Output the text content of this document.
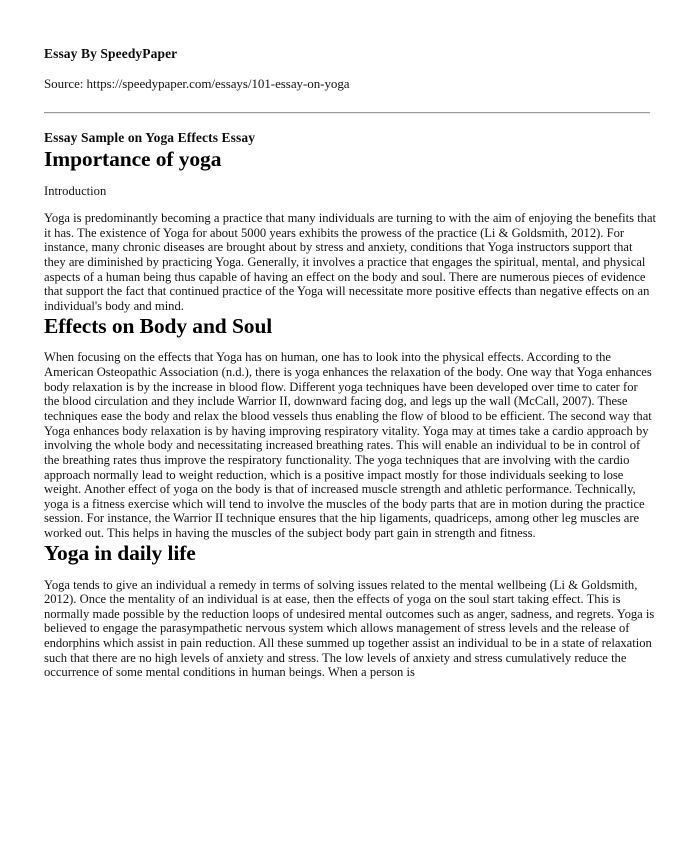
Essay By SpeedyPaper
Source: https://speedypaper.com/essays/101-essay-on-yoga
Essay Sample on Yoga Effects Essay
Importance of yoga
Introduction

Yoga is predominantly becoming a practice that many individuals are turning to with the aim of enjoying the benefits that it has. The existence of Yoga for about 5000 years exhibits the prowess of the practice (Li & Goldsmith, 2012). For instance, many chronic diseases are brought about by stress and anxiety, conditions that Yoga instructors support that they are diminished by practicing Yoga. Generally, it involves a practice that engages the spiritual, mental, and physical aspects of a human being thus capable of having an effect on the body and soul. There are numerous pieces of evidence that support the fact that continued practice of the Yoga will necessitate more positive effects than negative effects on an individual's body and mind.

Effects on Body and Soul

When focusing on the effects that Yoga has on human, one has to look into the physical effects. According to the American Osteopathic Association (n.d.), there is yoga enhances the relaxation of the body. One way that Yoga enhances body relaxation is by the increase in blood flow. Different yoga techniques have been developed over time to cater for the blood circulation and they include Warrior II, downward facing dog, and legs up the wall (McCall, 2007). These techniques ease the body and relax the blood vessels thus enabling the flow of blood to be efficient. The second way that Yoga enhances body relaxation is by having improving respiratory vitality. Yoga may at times take a cardio approach by involving the whole body and necessitating increased breathing rates. This will enable an individual to be in control of the breathing rates thus improve the respiratory functionality. The yoga techniques that are involving with the cardio approach normally lead to weight reduction, which is a positive impact mostly for those individuals seeking to lose weight. Another effect of yoga on the body is that of increased muscle strength and athletic performance. Technically, yoga is a fitness exercise which will tend to involve the muscles of the body parts that are in motion during the practice session. For instance, the Warrior II technique ensures that the hip ligaments, quadriceps, among other leg muscles are worked out. This helps in having the muscles of the subject body part gain in strength and fitness.

Yoga in daily life

Yoga tends to give an individual a remedy in terms of solving issues related to the mental wellbeing (Li & Goldsmith, 2012). Once the mentality of an individual is at ease, then the effects of yoga on the soul start taking effect. This is normally made possible by the reduction loops of undesired mental outcomes such as anger, sadness, and regrets. Yoga is believed to engage the parasympathetic nervous system which allows management of stress levels and the release of endorphins which assist in pain reduction. All these summed up together assist an individual to be in a state of relaxation such that there are no high levels of anxiety and stress. The low levels of anxiety and stress cumulatively reduce the occurrence of some mental conditions in human beings. When a person is
